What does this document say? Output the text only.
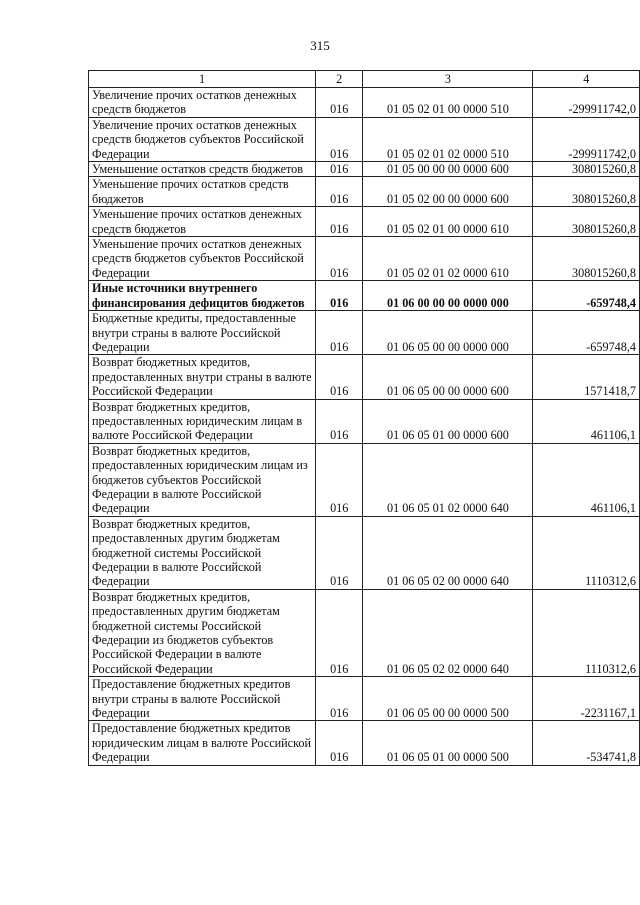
315
1	2	3	4
Увеличение прочих остатков денежных средств бюджетов	016	01 05 02 01 00 0000 510	-299911742,0
Увеличение прочих остатков денежных средств бюджетов субъектов Российской Федерации	016	01 05 02 01 02 0000 510	-299911742,0
Уменьшение остатков средств бюджетов	016	01 05 00 00 00 0000 600	308015260,8
Уменьшение прочих остатков средств бюджетов	016	01 05 02 00 00 0000 600	308015260,8
Уменьшение прочих остатков денежных средств бюджетов	016	01 05 02 01 00 0000 610	308015260,8
Уменьшение прочих остатков денежных средств бюджетов субъектов Российской Федерации	016	01 05 02 01 02 0000 610	308015260,8
Иные источники внутреннего финансирования дефицитов бюджетов	016	01 06 00 00 00 0000 000	-659748,4
Бюджетные кредиты, предоставленные внутри страны в валюте Российской Федерации	016	01 06 05 00 00 0000 000	-659748,4
Возврат бюджетных кредитов, предоставленных внутри страны в валюте Российской Федерации	016	01 06 05 00 00 0000 600	1571418,7
Возврат бюджетных кредитов, предоставленных юридическим лицам в валюте Российской Федерации	016	01 06 05 01 00 0000 600	461106,1
Возврат бюджетных кредитов, предоставленных юридическим лицам из бюджетов субъектов Российской Федерации в валюте Российской Федерации	016	01 06 05 01 02 0000 640	461106,1
Возврат бюджетных кредитов, предоставленных другим бюджетам бюджетной системы Российской Федерации в валюте Российской Федерации	016	01 06 05 02 00 0000 640	1110312,6
Возврат бюджетных кредитов, предоставленных другим бюджетам бюджетной системы Российской Федерации из бюджетов субъектов Российской Федерации в валюте Российской Федерации	016	01 06 05 02 02 0000 640	1110312,6
Предоставление бюджетных кредитов внутри страны в валюте Российской Федерации	016	01 06 05 00 00 0000 500	-2231167,1
Предоставление бюджетных кредитов юридическим лицам в валюте Российской Федерации	016	01 06 05 01 00 0000 500	-534741,8
